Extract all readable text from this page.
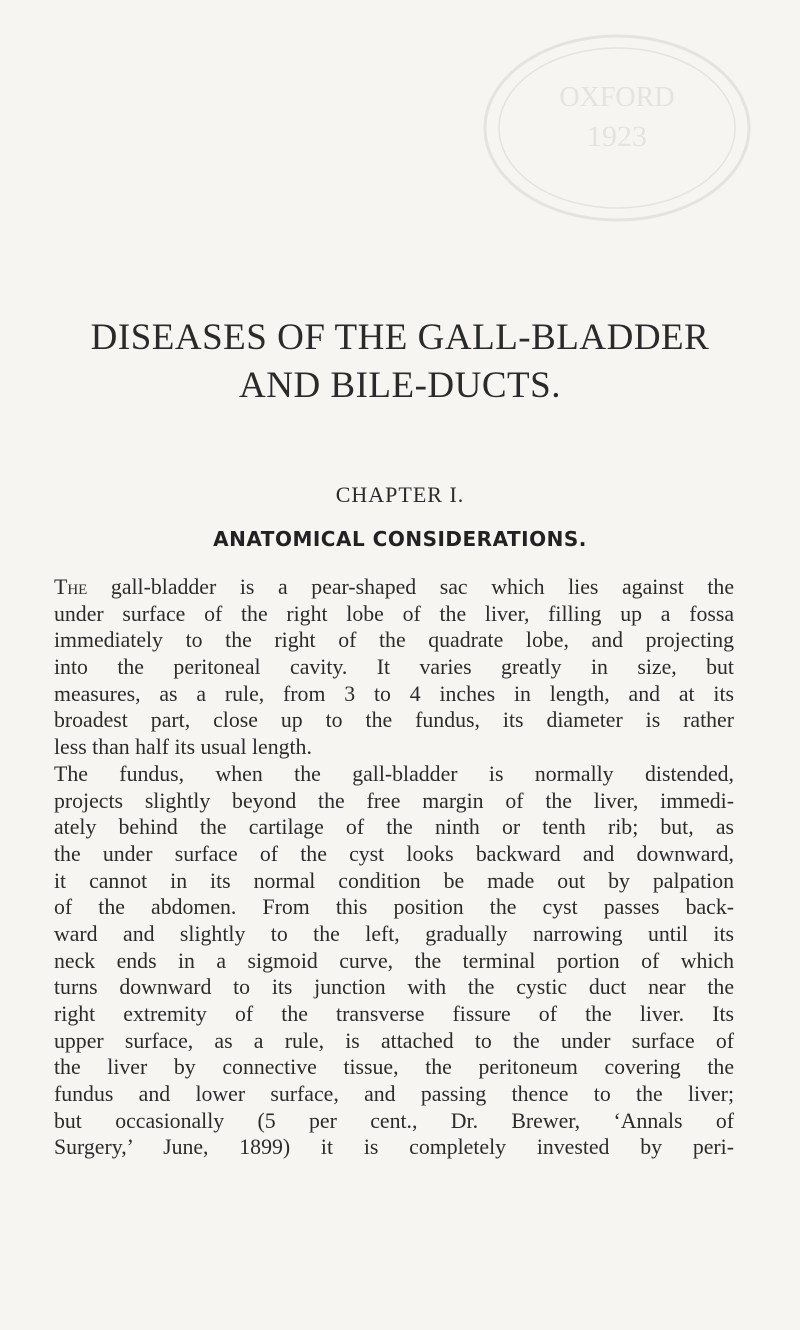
OXFORD
1923
DISEASES OF THE GALL-BLADDER
AND BILE-DUCTS.
CHAPTER I.
ANATOMICAL CONSIDERATIONS.
The gall-bladder is a pear-shaped sac which lies against the
under surface of the right lobe of the liver, filling up a fossa
immediately to the right of the quadrate lobe, and projecting
into the peritoneal cavity. It varies greatly in size, but
measures, as a rule, from 3 to 4 inches in length, and at its
broadest part, close up to the fundus, its diameter is rather
less than half its usual length.
The fundus, when the gall-bladder is normally distended,
projects slightly beyond the free margin of the liver, immedi-
ately behind the cartilage of the ninth or tenth rib; but, as
the under surface of the cyst looks backward and downward,
it cannot in its normal condition be made out by palpation
of the abdomen. From this position the cyst passes back-
ward and slightly to the left, gradually narrowing until its
neck ends in a sigmoid curve, the terminal portion of which
turns downward to its junction with the cystic duct near the
right extremity of the transverse fissure of the liver. Its
upper surface, as a rule, is attached to the under surface of
the liver by connective tissue, the peritoneum covering the
fundus and lower surface, and passing thence to the liver;
but occasionally (5 per cent., Dr. Brewer, ‘Annals of
Surgery,’ June, 1899) it is completely invested by peri-
